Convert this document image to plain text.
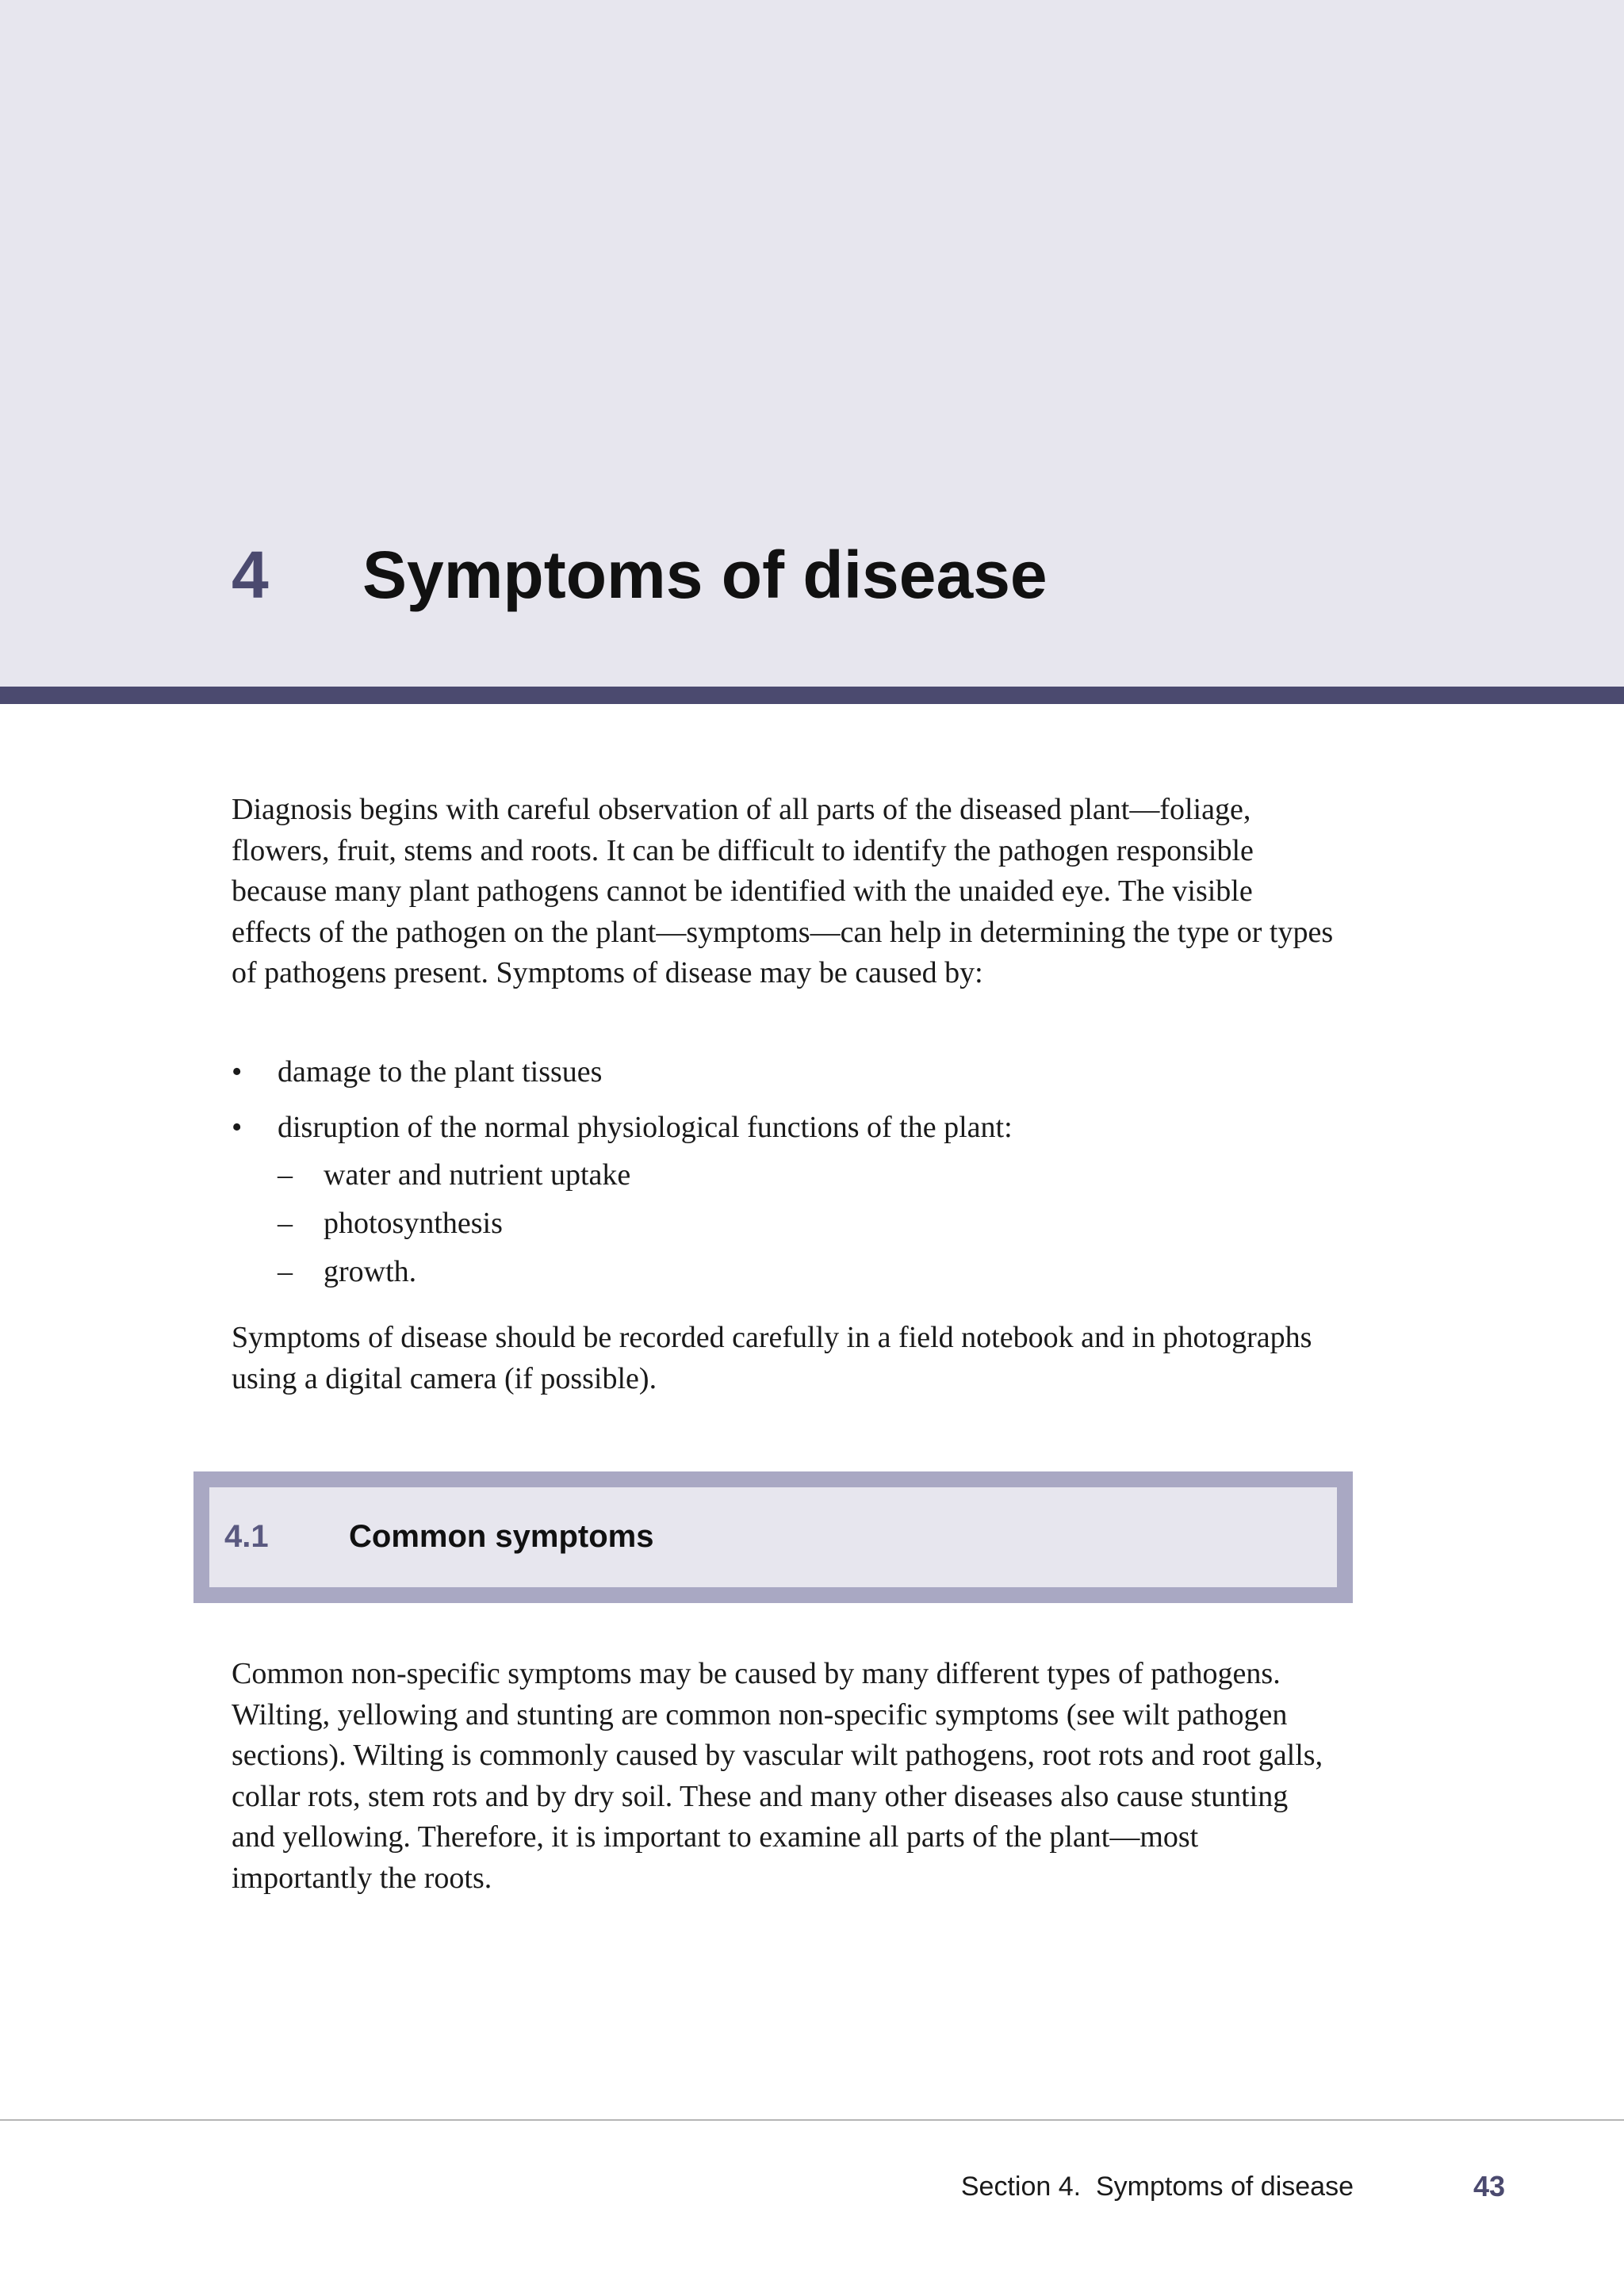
4 Symptoms of disease

Diagnosis begins with careful observation of all parts of the diseased plant—foliage, flowers, fruit, stems and roots. It can be difficult to identify the pathogen responsible because many plant pathogens cannot be identified with the unaided eye. The visible effects of the pathogen on the plant—symptoms—can help in determining the type or types of pathogens present. Symptoms of disease may be caused by:

• damage to the plant tissues
• disruption of the normal physiological functions of the plant:
– water and nutrient uptake
– photosynthesis
– growth.

Symptoms of disease should be recorded carefully in a field notebook and in photographs using a digital camera (if possible).

4.1	Common symptoms

Common non-specific symptoms may be caused by many different types of pathogens. Wilting, yellowing and stunting are common non-specific symptoms (see wilt pathogen sections). Wilting is commonly caused by vascular wilt pathogens, root rots and root galls, collar rots, stem rots and by dry soil. These and many other diseases also cause stunting and yellowing. Therefore, it is important to examine all parts of the plant—most importantly the roots.

Section 4.  Symptoms of disease	43
